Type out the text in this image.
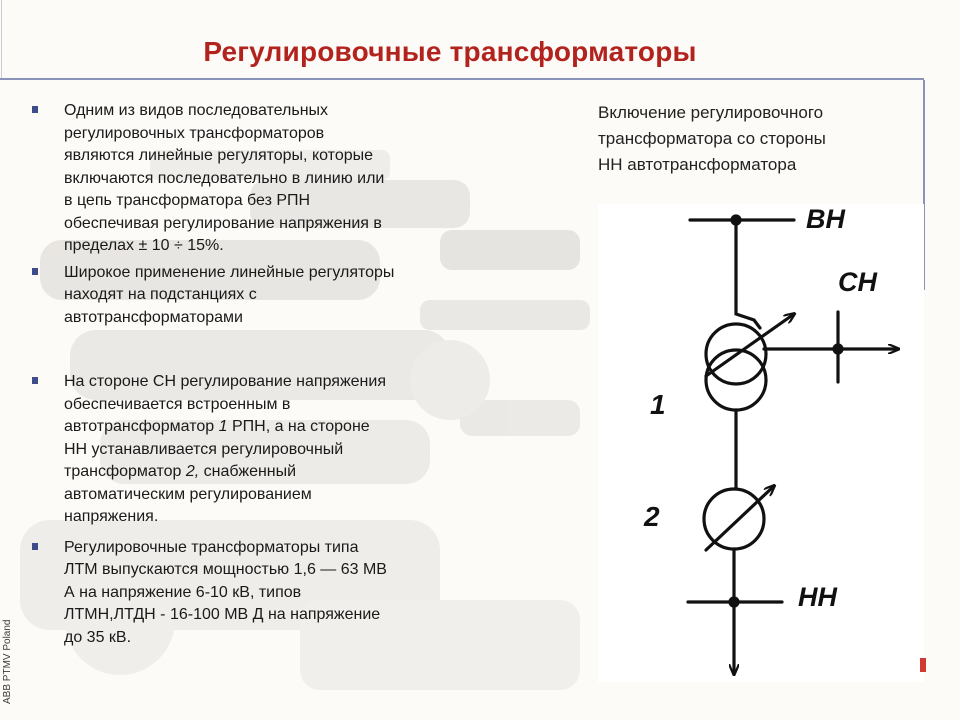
Регулировочные трансформаторы
Одним из видов последовательных
регулировочных трансформаторов
являются линейные регуляторы, которые
включаются последовательно в линию или
в цепь трансформатора без РПН
обеспечивая регулирование напряжения в
пределах ± 10 ÷ 15%.
Широкое применение линейные регуляторы
находят на подстанциях с
автотрансформаторами
На стороне СН регулирование напряжения
обеспечивается встроенным в
автотрансформатор 1 РПН, а на стороне
НН устанавливается регулировочный
трансформатор 2, снабженный
автоматическим регулированием
напряжения.
Регулировочные трансформаторы типа
ЛТМ выпускаются мощностью 1,6 — 63 МВ
А на напряжение 6-10 кВ, типов
ЛТМН,ЛТДН - 16-100 МВ Д на напряжение
до 35 кВ.
Включение регулировочного
трансформатора со стороны
НН автотрансформатора
ВН
СН
1
2
НН
ABB PTMV Poland
